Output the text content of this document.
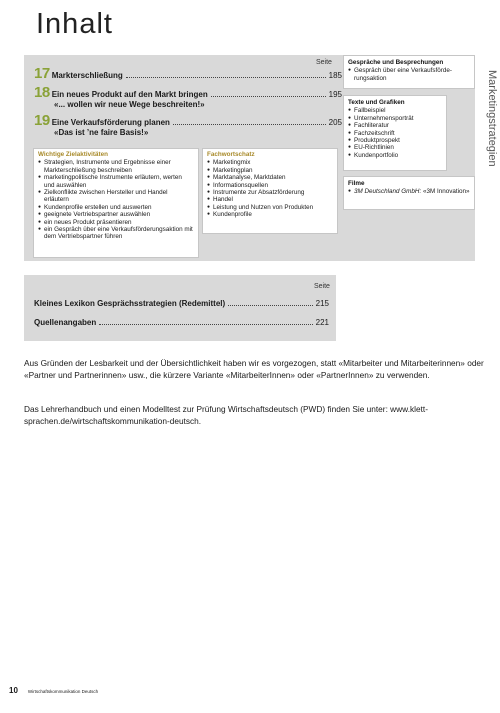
Inhalt
Seite
17 Markterschließung	185
18 Ein neues Produkt auf den Markt bringen	195
«... wollen wir neue Wege beschreiten!»
19 Eine Verkaufsförderung planen	205
«Das ist ’ne faire Basis!»
Wichtige Zielaktivitäten
● Strategien, Instrumente und Ergebnisse einer Markterschließung beschreiben
● marketingpolitische Instrumente erläutern, werten und auswählen
● Zielkonflikte zwischen Hersteller und Handel erläutern
● Kundenprofile erstellen und auswerten
● geeignete Vertriebspartner auswählen
● ein neues Produkt präsentieren
● ein Gespräch über eine Verkaufsförderungsaktion mit dem Vertriebspartner führen
Fachwortschatz
● Marketingmix
● Marketingplan
● Marktanalyse, Marktdaten
● Informationsquellen
● Instrumente zur Absatzförderung
● Handel
● Leistung und Nutzen von Produkten
● Kundenprofile
Gespräche und Besprechungen
● Gespräch über eine Verkaufsförderungsaktion
Texte und Grafiken
● Fallbeispiel
● Unternehmensporträt
● Fachliteratur
● Fachzeitschrift
● Produktprospekt
● EU-Richtlinien
● Kundenportfolio
Filme
● 3M Deutschland GmbH: «3M Innovation»
Marketingstrategien
Seite
Kleines Lexikon Gesprächsstrategien (Redemittel)	215
Quellenangaben	221
Aus Gründen der Lesbarkeit und der Übersichtlichkeit haben wir es vorgezogen, statt «Mitarbeiter und Mitarbeiterinnen» oder «Partner und Partnerinnen» usw., die kürzere Variante «MitarbeiterInnen» oder «PartnerInnen» zu verwenden.
Das Lehrerhandbuch und einen Modelltest zur Prüfung Wirtschaftsdeutsch (PWD) finden Sie unter: www.klett-sprachen.de/wirtschaftskommunikation-deutsch.
10 Wirtschaftskommunikation Deutsch
